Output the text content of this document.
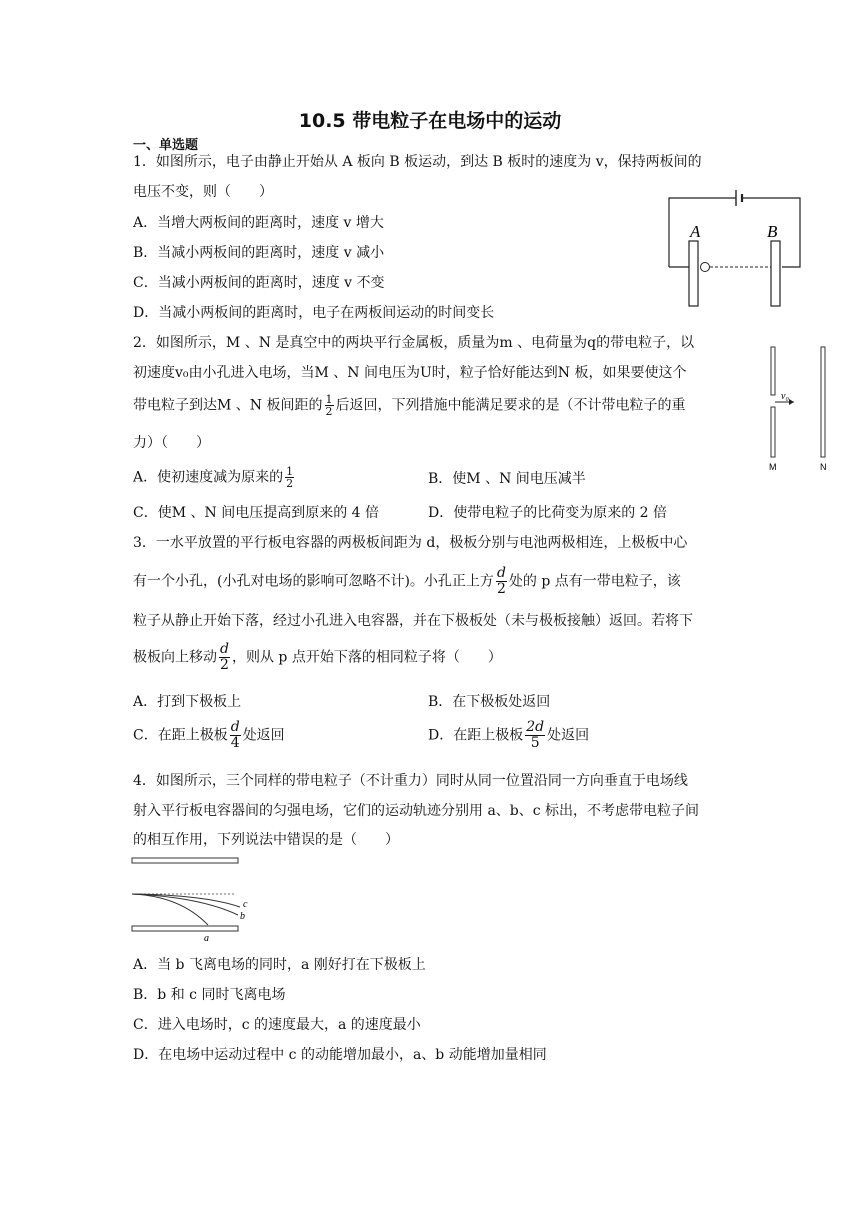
10.5 带电粒子在电场中的运动
一、单选题
1．如图所示，电子由静止开始从 A 板向 B 板运动，到达 B 板时的速度为 v，保持两板间的
电压不变，则（　　）
A．当增大两板间的距离时，速度 v 增大
B．当减小两板间的距离时，速度 v 减小
C．当减小两板间的距离时，速度 v 不变
D．当减小两板间的距离时，电子在两板间运动的时间变长
A	B
2．如图所示，M 、N 是真空中的两块平行金属板，质量为m 、电荷量为q的带电粒子，以
初速度v₀由小孔进入电场，当M 、N 间电压为U时，粒子恰好能达到N 板，如果要使这个
带电粒子到达M 、N 板间距的 $\frac{1}{2}$ 后返回，下列措施中能满足要求的是（不计带电粒子的重
力）（　　）
A．使初速度减为原来的 $\frac{1}{2}$	B．使M 、N 间电压减半
C．使M 、N 间电压提高到原来的 4 倍	D．使带电粒子的比荷变为原来的 2 倍
v₀
M	N
3．一水平放置的平行板电容器的两极板间距为 d，极板分别与电池两极相连，上极板中心
有一个小孔，(小孔对电场的影响可忽略不计)。小孔正上方 $\frac{d}{2}$ 处的 p 点有一带电粒子，该
粒子从静止开始下落，经过小孔进入电容器，并在下极板处（未与极板接触）返回。若将下
极板向上移动 $\frac{d}{2}$ ，则从 p 点开始下落的相同粒子将（　　）
A．打到下极板上	B．在下极板处返回
C．在距上极板 $\frac{d}{4}$ 处返回	D．在距上极板 $\frac{2d}{5}$ 处返回
4．如图所示，三个同样的带电粒子（不计重力）同时从同一位置沿同一方向垂直于电场线
射入平行板电容器间的匀强电场，它们的运动轨迹分别用 a、b、c 标出，不考虑带电粒子间
的相互作用，下列说法中错误的是（　　）
c
b
a
A．当 b 飞离电场的同时，a 刚好打在下极板上
B．b 和 c 同时飞离电场
C．进入电场时，c 的速度最大，a 的速度最小
D．在电场中运动过程中 c 的动能增加最小，a、b 动能增加量相同
